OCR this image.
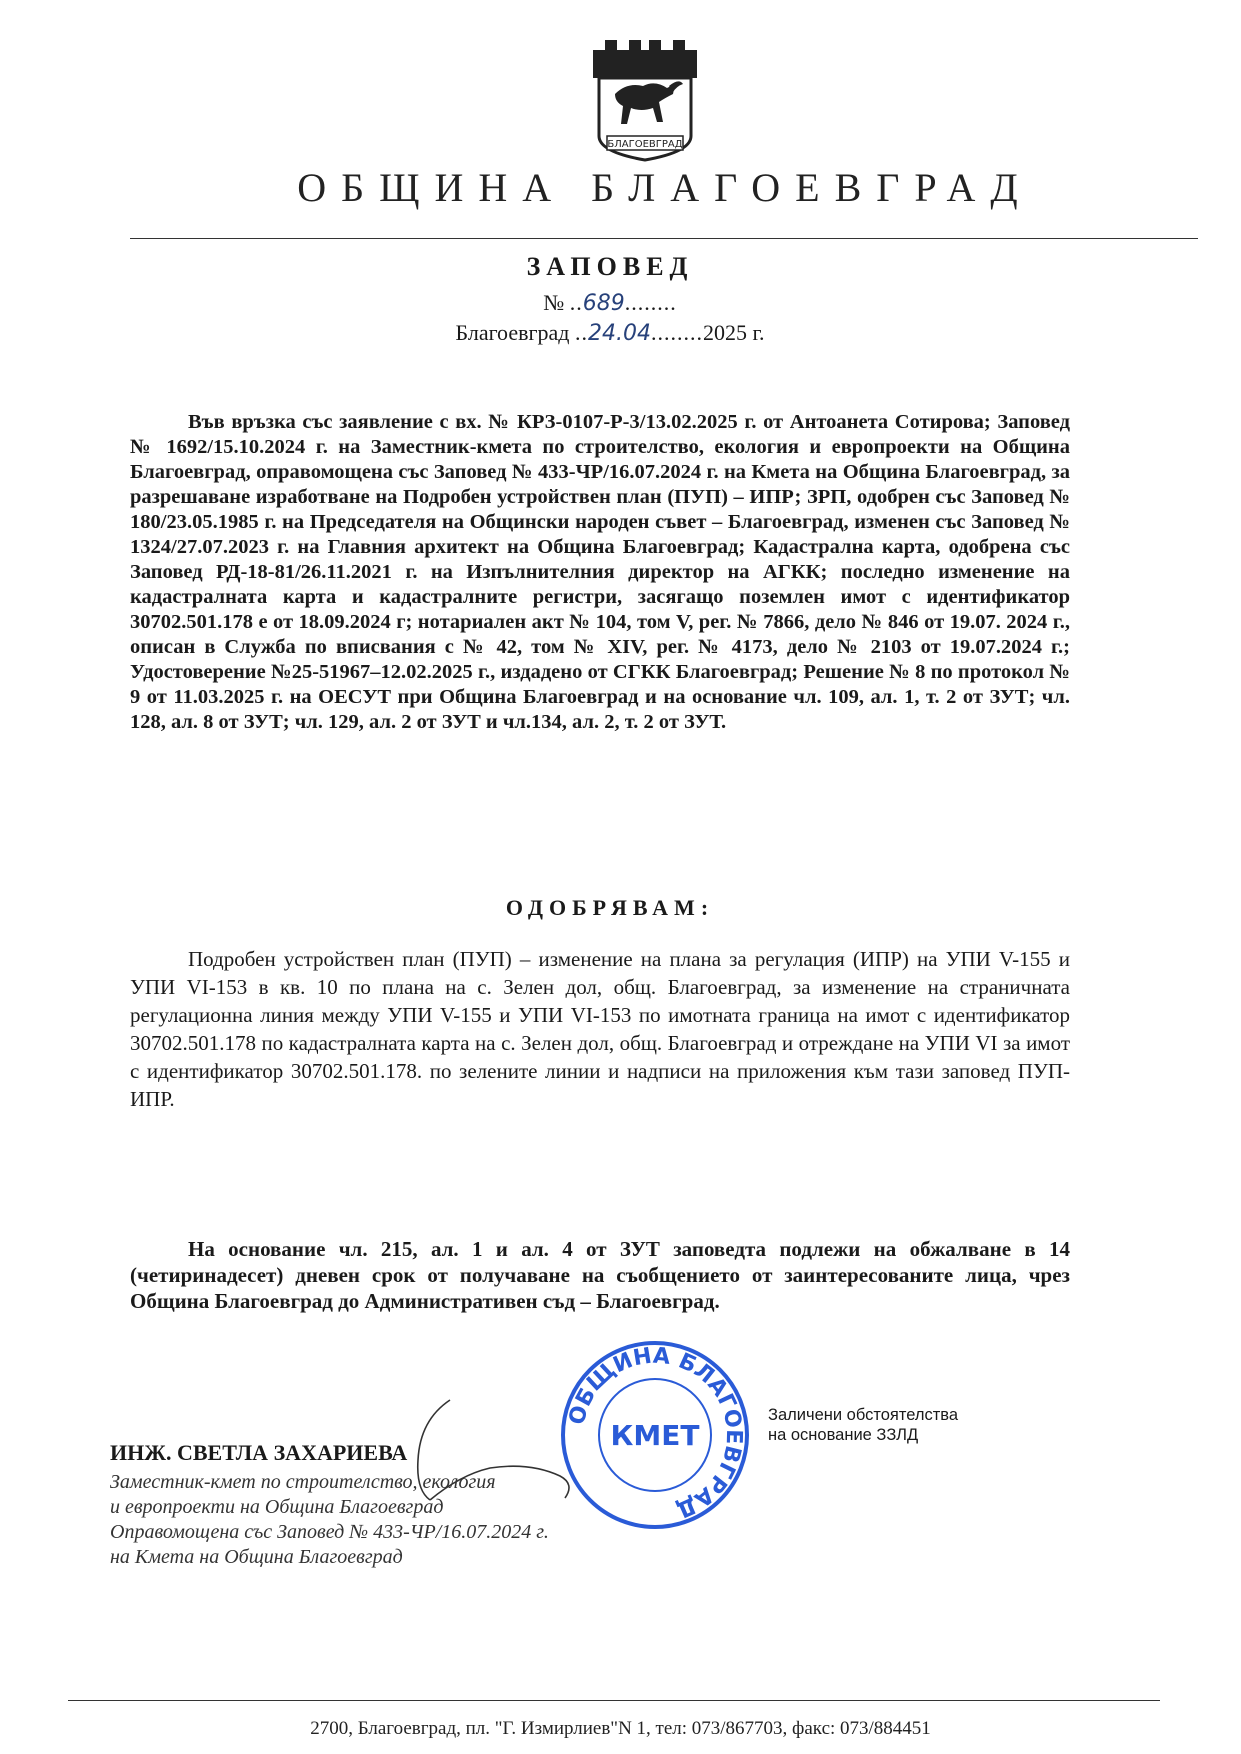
БЛАГОЕВГРАД
ОБЩИНА БЛАГОЕВГРАД
ЗАПОВЕД
№ ..689........
Благоевград ..24.04........2025 г.
Във връзка със заявление с вх. № КРЗ-0107-Р-3/13.02.2025 г. от Антоанета Сотирова; Заповед № 1692/15.10.2024 г. на Заместник-кмета по строителство, екология и европроекти на Община Благоевград, оправомощена със Заповед № 433-ЧР/16.07.2024 г. на Кмета на Община Благоевград, за разрешаване изработване на Подробен устройствен план (ПУП) – ИПР; ЗРП, одобрен със Заповед № 180/23.05.1985 г. на Председателя на Общински народен съвет – Благоевград, изменен със Заповед № 1324/27.07.2023 г. на Главния архитект на Община Благоевград; Кадастрална карта, одобрена със Заповед РД-18-81/26.11.2021 г. на Изпълнителния директор на АГКК; последно изменение на кадастралната карта и кадастралните регистри, засягащо поземлен имот с идентификатор 30702.501.178 е от 18.09.2024 г; нотариален акт № 104, том V, рег. № 7866, дело № 846 от 19.07. 2024 г., описан в Служба по вписвания с № 42, том № XIV, рег. № 4173, дело № 2103 от 19.07.2024 г.; Удостоверение №25-51967–12.02.2025 г., издадено от СГКК Благоевград; Решение № 8 по протокол № 9 от 11.03.2025 г. на ОЕСУТ при Община Благоевград и на основание чл. 109, ал. 1, т. 2 от ЗУТ; чл. 128, ал. 8 от ЗУТ; чл. 129, ал. 2 от ЗУТ и чл.134, ал. 2, т. 2 от ЗУТ.
ОДОБРЯВАМ:
Подробен устройствен план (ПУП) – изменение на плана за регулация (ИПР) на УПИ V-155 и УПИ VI-153 в кв. 10 по плана на с. Зелен дол, общ. Благоевград, за изменение на страничната регулационна линия между УПИ V-155 и УПИ VI-153 по имотната граница на имот с идентификатор 30702.501.178 по кадастралната карта на с. Зелен дол, общ. Благоевград и отреждане на УПИ VI за имот с идентификатор 30702.501.178. по зелените линии и надписи на приложения към тази заповед ПУП-ИПР.
На основание чл. 215, ал. 1 и ал. 4 от ЗУТ заповедта подлежи на обжалване в 14 (четиринадесет) дневен срок от получаване на съобщението от заинтересованите лица, чрез Община Благоевград до Административен съд – Благоевград.
ОБЩИНА БЛАГОЕВГРАД
КМЕТ
Заличени обстоятелства
на основание ЗЗЛД
ИНЖ. СВЕТЛА ЗАХАРИЕВА
Заместник-кмет по строителство, екология
и европроекти на Община Благоевград
Оправомощена със Заповед № 433-ЧР/16.07.2024 г.
на Кмета на Община Благоевград
2700, Благоевград, пл. "Г. Измирлиев"N 1, тел: 073/867703, факс: 073/884451
